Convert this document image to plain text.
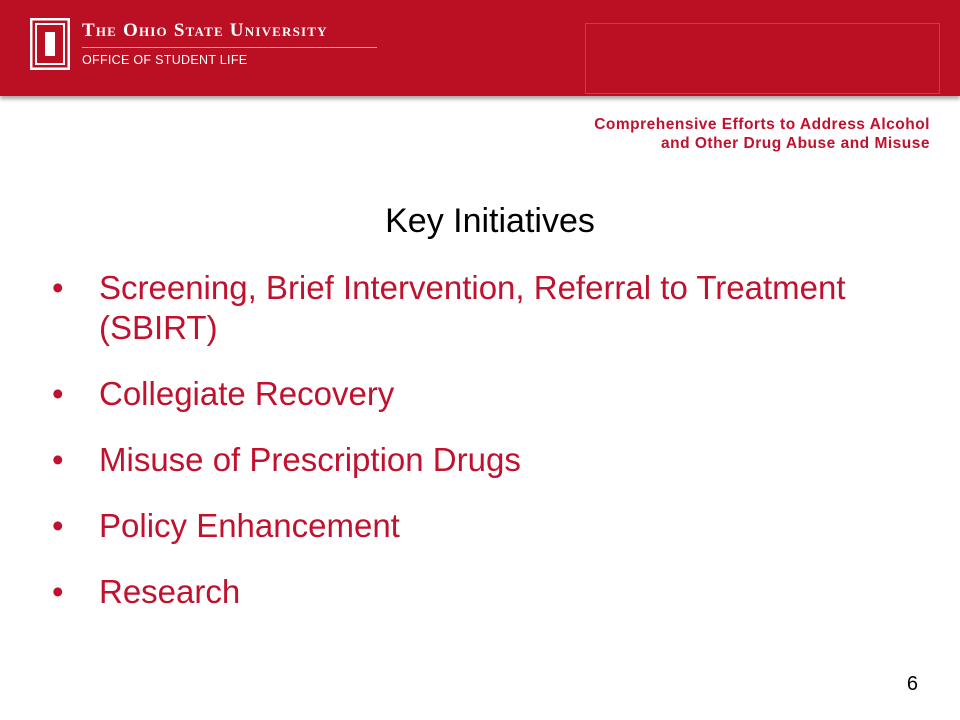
The Ohio State University
OFFICE OF STUDENT LIFE
Comprehensive Efforts to Address Alcohol
and Other Drug Abuse and Misuse
Key Initiatives
• Screening, Brief Intervention, Referral to Treatment (SBIRT)
• Collegiate Recovery
• Misuse of Prescription Drugs
• Policy Enhancement
• Research
6
